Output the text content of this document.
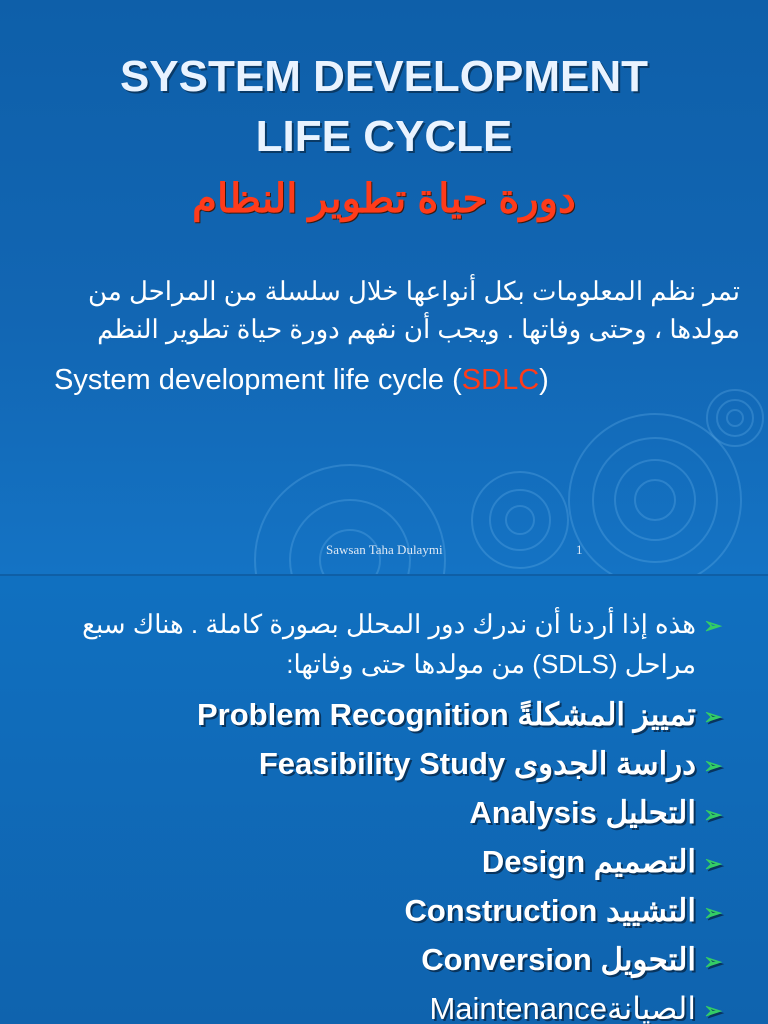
SYSTEM DEVELOPMENT
LIFE CYCLE
دورة حياة تطوير النظام
تمر نظم المعلومات بكل أنواعها خلال سلسلة من المراحل من مولدها ، وحتى وفاتها . ويجب أن نفهم دورة حياة تطوير النظم
System development life cycle (SDLC)
Sawsan Taha Dulaymi	1
➢
هذه إذا أردنا أن ندرك دور المحلل بصورة كاملة . هناك سبع مراحل (SDLS) من مولدها حتى وفاتها:
➢
تمييز المشكلةً Problem Recognition
➢
دراسة الجدوى Feasibility Study
➢
التحليل Analysis
➢
التصميم Design
➢
التشييد Construction
➢
التحويل Conversion
➢
الصيانةMaintenance
